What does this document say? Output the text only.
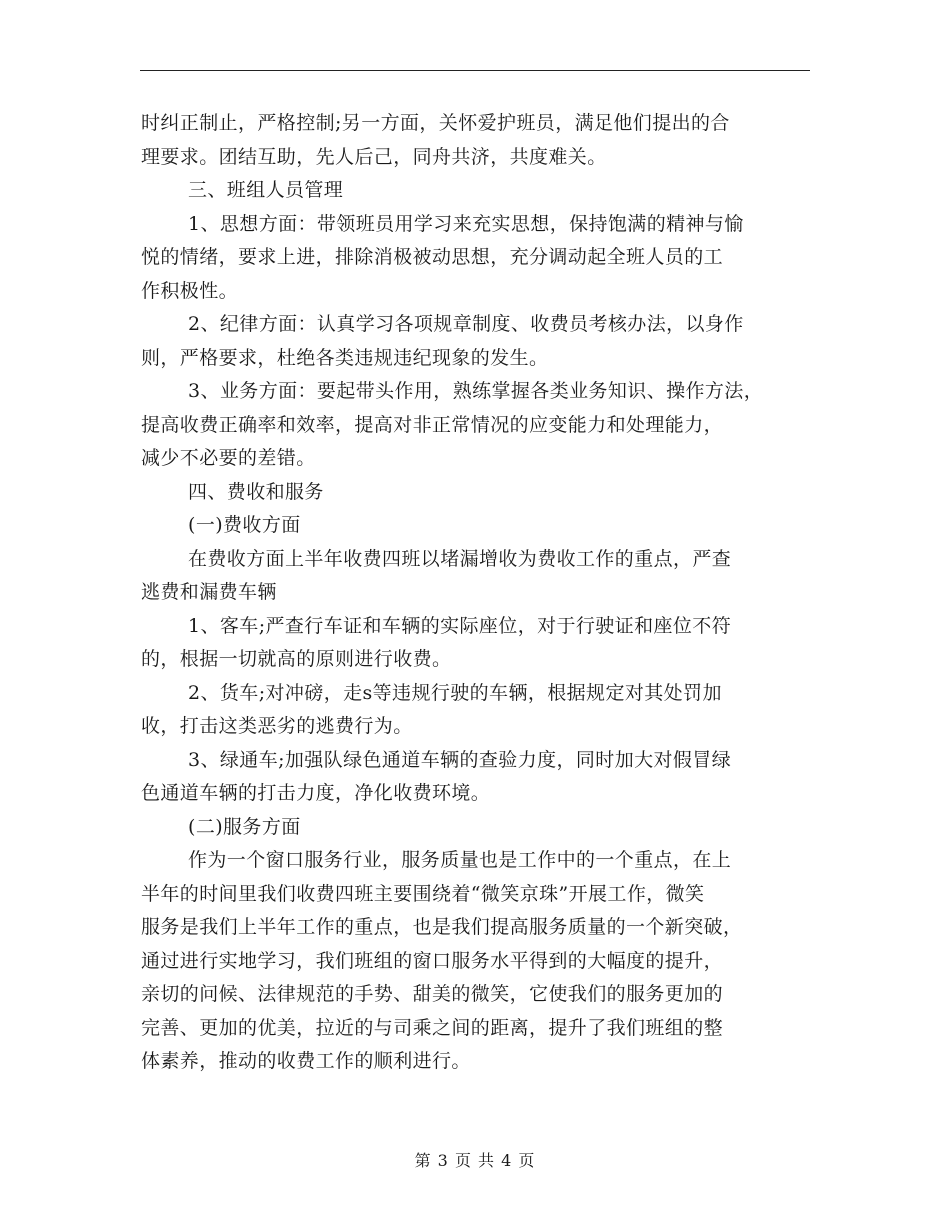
时纠正制止，严格控制;另一方面，关怀爱护班员，满足他们提出的合
理要求。团结互助，先人后己，同舟共济，共度难关。
三、班组人员管理
1、思想方面：带领班员用学习来充实思想，保持饱满的精神与愉
悦的情绪，要求上进，排除消极被动思想，充分调动起全班人员的工
作积极性。
2、纪律方面：认真学习各项规章制度、收费员考核办法，以身作
则，严格要求，杜绝各类违规违纪现象的发生。
3、业务方面：要起带头作用，熟练掌握各类业务知识、操作方法，
提高收费正确率和效率，提高对非正常情况的应变能力和处理能力，
减少不必要的差错。
四、费收和服务
(一)费收方面
在费收方面上半年收费四班以堵漏增收为费收工作的重点，严查
逃费和漏费车辆
1、客车;严查行车证和车辆的实际座位，对于行驶证和座位不符
的，根据一切就高的原则进行收费。
2、货车;对冲磅，走s等违规行驶的车辆，根据规定对其处罚加
收，打击这类恶劣的逃费行为。
3、绿通车;加强队绿色通道车辆的查验力度，同时加大对假冒绿
色通道车辆的打击力度，净化收费环境。
(二)服务方面
作为一个窗口服务行业，服务质量也是工作中的一个重点，在上
半年的时间里我们收费四班主要围绕着“微笑京珠”开展工作，微笑
服务是我们上半年工作的重点，也是我们提高服务质量的一个新突破，
通过进行实地学习，我们班组的窗口服务水平得到的大幅度的提升，
亲切的问候、法律规范的手势、甜美的微笑，它使我们的服务更加的
完善、更加的优美，拉近的与司乘之间的距离，提升了我们班组的整
体素养，推动的收费工作的顺利进行。
第 3 页 共 4 页
